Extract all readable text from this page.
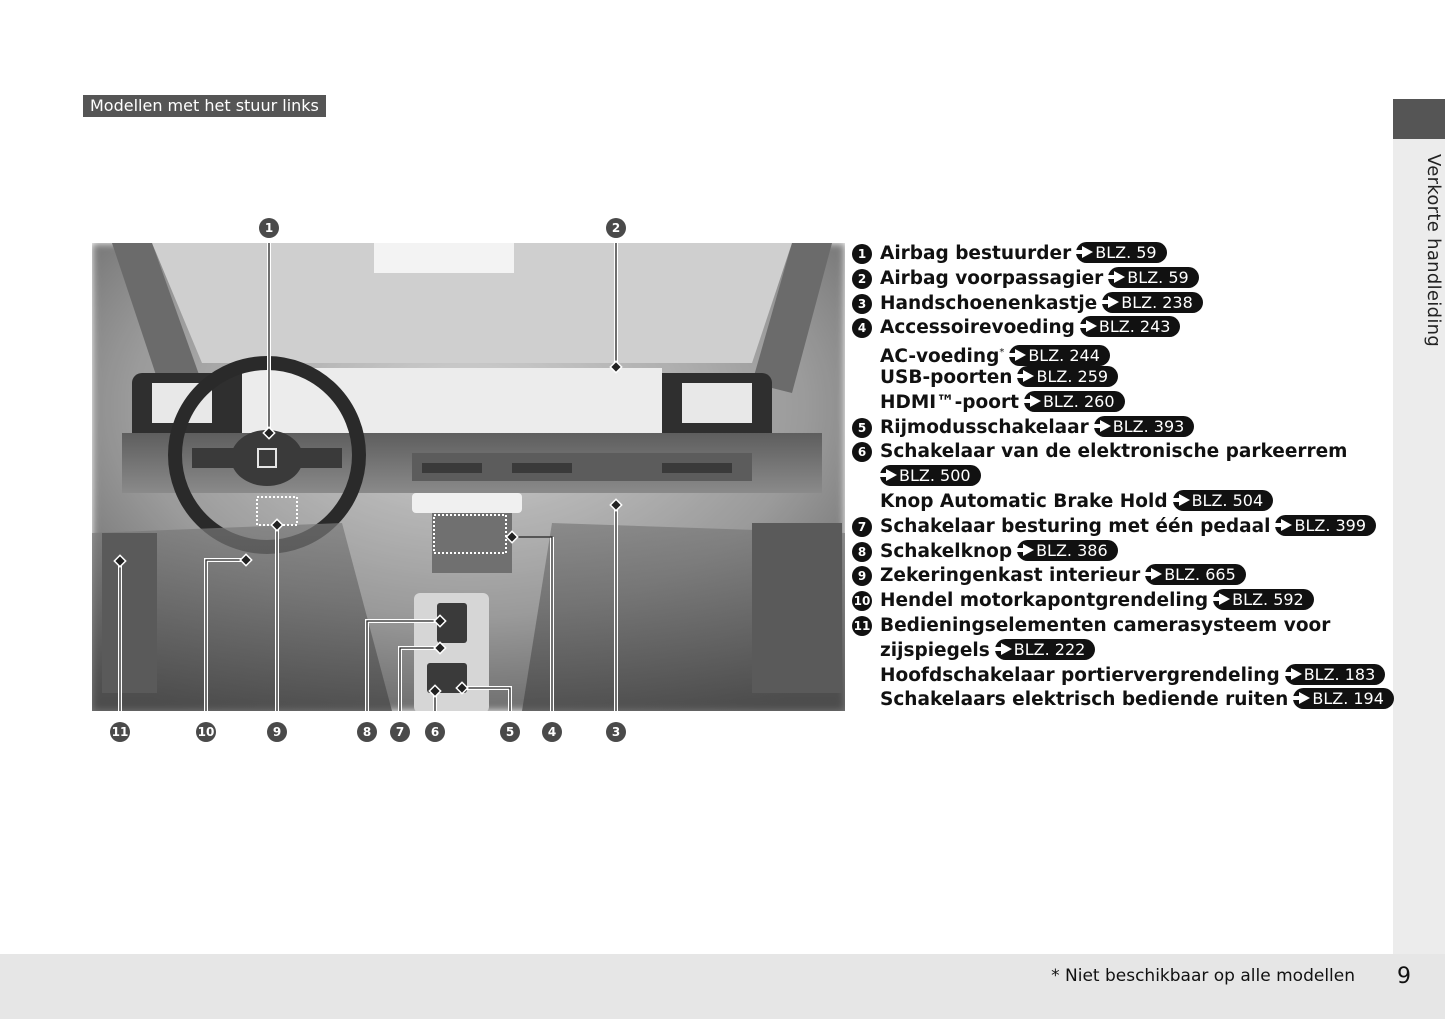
Modellen met het stuur links
Verkorte handleiding
1	2
11	10	9	8	7	6	5	4	3
1 Airbag bestuurder BLZ. 59
2 Airbag voorpassagier BLZ. 59
3 Handschoenenkastje BLZ. 238
4 Accessoirevoeding BLZ. 243
AC-voeding* BLZ. 244
USB-poorten BLZ. 259
HDMI™-poort BLZ. 260
5 Rijmodusschakelaar BLZ. 393
6 Schakelaar van de elektronische parkeerrem
BLZ. 500
Knop Automatic Brake Hold BLZ. 504
7 Schakelaar besturing met één pedaal BLZ. 399
8 Schakelknop BLZ. 386
9 Zekeringenkast interieur BLZ. 665
10 Hendel motorkapontgrendeling BLZ. 592
11 Bedieningselementen camerasysteem voor
zijspiegels BLZ. 222
Hoofdschakelaar portiervergrendeling BLZ. 183
Schakelaars elektrisch bediende ruiten BLZ. 194
* Niet beschikbaar op alle modellen 9
